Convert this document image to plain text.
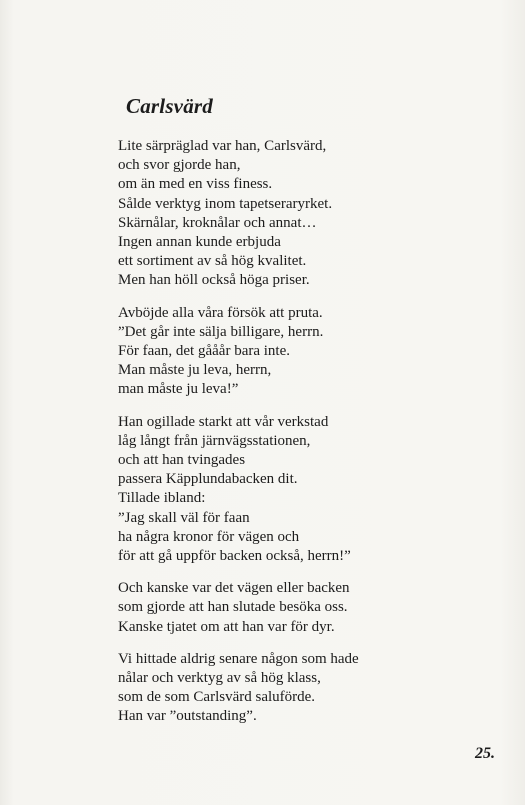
Carlsvärd

Lite särpräglad var han, Carlsvärd,
och svor gjorde han,
om än med en viss finess.
Sålde verktyg inom tapetseraryrket.
Skärnålar, kroknålar och annat…
Ingen annan kunde erbjuda
ett sortiment av så hög kvalitet.
Men han höll också höga priser.

Avböjde alla våra försök att pruta.
”Det går inte sälja billigare, herrn.
För faan, det gååår bara inte.
Man måste ju leva, herrn,
man måste ju leva!”

Han ogillade starkt att vår verkstad
låg långt från järnvägsstationen,
och att han tvingades
passera Käpplundabacken dit.
Tillade ibland:
”Jag skall väl för faan
ha några kronor för vägen och
för att gå uppför backen också, herrn!”

Och kanske var det vägen eller backen
som gjorde att han slutade besöka oss.
Kanske tjatet om att han var för dyr.

Vi hittade aldrig senare någon som hade
nålar och verktyg av så hög klass,
som de som Carlsvärd saluförde.
Han var ”outstanding”.

25.
